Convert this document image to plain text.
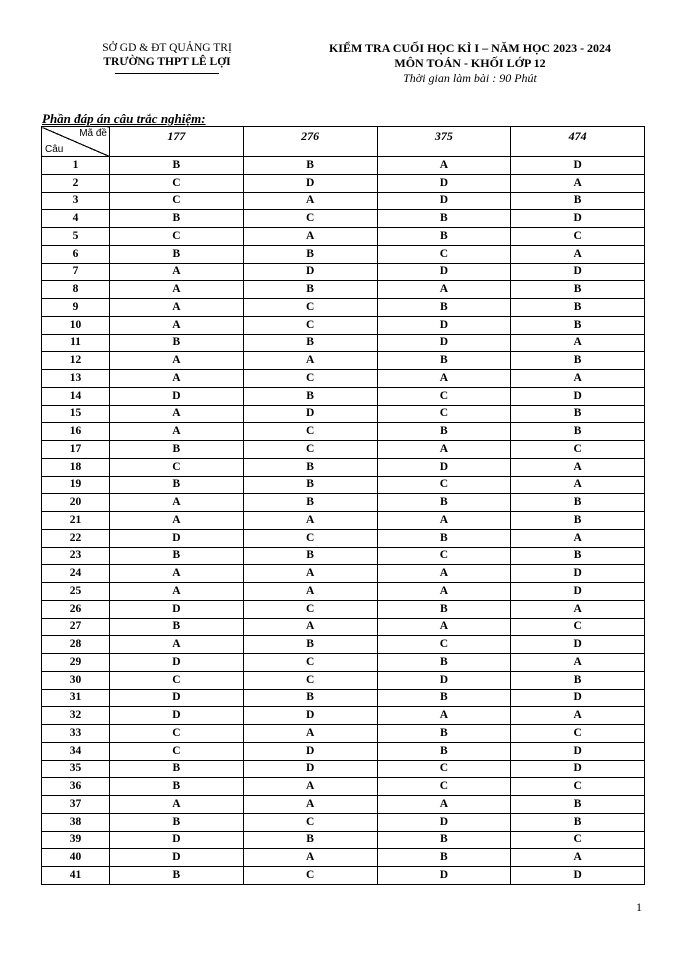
SỞ GD & ĐT QUẢNG TRỊ
TRƯỜNG THPT LÊ LỢI
KIỂM TRA CUỐI HỌC KÌ I – NĂM HỌC 2023 - 2024
MÔN TOÁN - KHỐI LỚP 12
Thời gian làm bài : 90 Phút
Phần đáp án câu trắc nghiệm:
Mã đề
Câu	177	276	375	474
1	B	B	A	D
2	C	D	D	A
3	C	A	D	B
4	B	C	B	D
5	C	A	B	C
6	B	B	C	A
7	A	D	D	D
8	A	B	A	B
9	A	C	B	B
10	A	C	D	B
11	B	B	D	A
12	A	A	B	B
13	A	C	A	A
14	D	B	C	D
15	A	D	C	B
16	A	C	B	B
17	B	C	A	C
18	C	B	D	A
19	B	B	C	A
20	A	B	B	B
21	A	A	A	B
22	D	C	B	A
23	B	B	C	B
24	A	A	A	D
25	A	A	A	D
26	D	C	B	A
27	B	A	A	C
28	A	B	C	D
29	D	C	B	A
30	C	C	D	B
31	D	B	B	D
32	D	D	A	A
33	C	A	B	C
34	C	D	B	D
35	B	D	C	D
36	B	A	C	C
37	A	A	A	B
38	B	C	D	B
39	D	B	B	C
40	D	A	B	A
41	B	C	D	D
1
